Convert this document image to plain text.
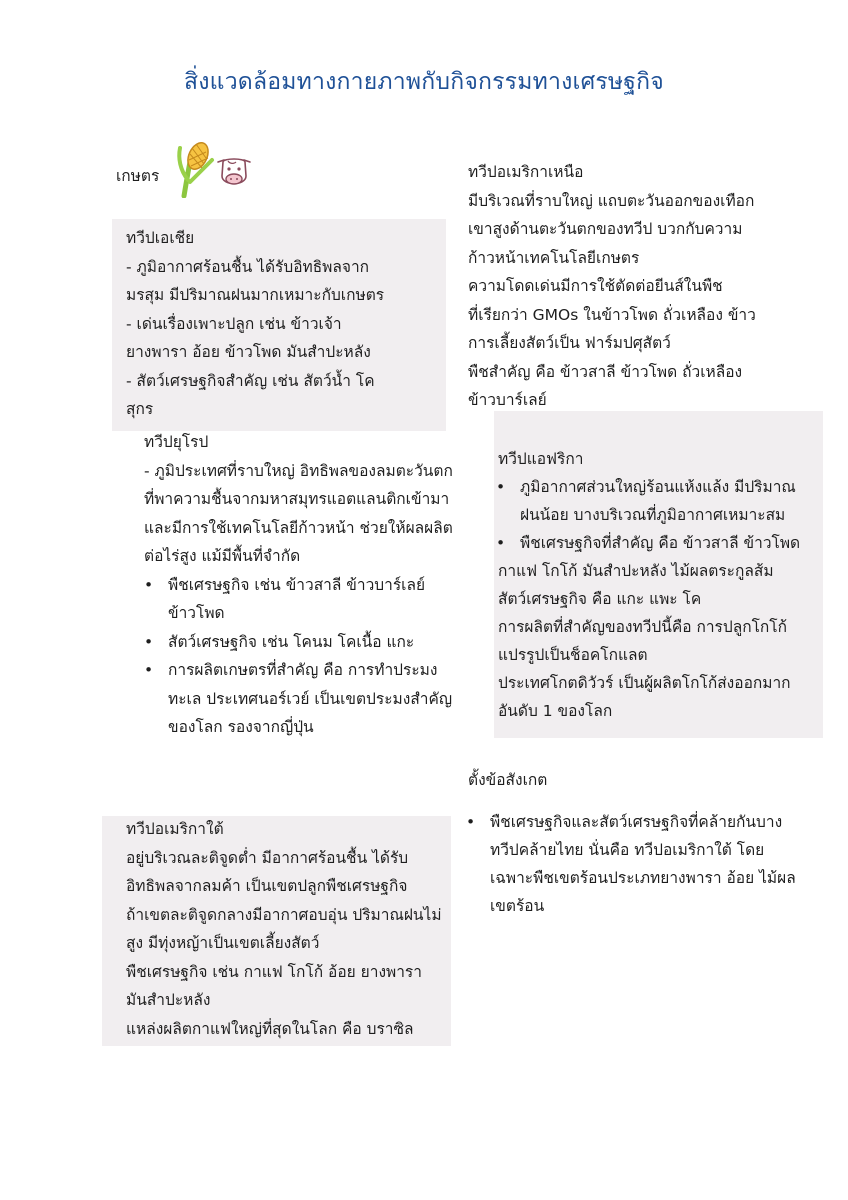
สิ่งแวดล้อมทางกายภาพกับกิจกรรมทางเศรษฐกิจ
เกษตร

ทวีปเอเชีย

- ภูมิอากาศร้อนชื้น ได้รับอิทธิพลจาก

มรสุม มีปริมาณฝนมากเหมาะกับเกษตร

- เด่นเรื่องเพาะปลูก เช่น ข้าวเจ้า

ยางพารา อ้อย ข้าวโพด มันสำปะหลัง

- สัตว์เศรษฐกิจสำคัญ เช่น สัตว์น้ำ โค

สุกร

ทวีปอเมริกาเหนือ

มีบริเวณที่ราบใหญ่ แถบตะวันออกของเทือก

เขาสูงด้านตะวันตกของทวีป บวกกับความ

ก้าวหน้าเทคโนโลยีเกษตร

ความโดดเด่นมีการใช้ตัดต่อยีนส์ในพืช

ที่เรียกว่า GMOs ในข้าวโพด ถั่วเหลือง ข้าว

การเลี้ยงสัตว์เป็น ฟาร์มปศุสัตว์

พืชสำคัญ คือ ข้าวสาลี ข้าวโพด ถั่วเหลือง

ข้าวบาร์เลย์

ทวีปยุโรป

- ภูมิประเทศที่ราบใหญ่ อิทธิพลของลมตะวันตก

ที่พาความชื้นจากมหาสมุทรแอตแลนติกเข้ามา

และมีการใช้เทคโนโลยีก้าวหน้า ช่วยให้ผลผลิต

ต่อไร่สูง แม้มีพื้นที่จำกัด

• พืชเศรษฐกิจ เช่น ข้าวสาลี ข้าวบาร์เลย์
ข้าวโพด
• สัตว์เศรษฐกิจ เช่น โคนม โคเนื้อ แกะ
• การผลิตเกษตรที่สำคัญ คือ การทำประมง
ทะเล ประเทศนอร์เวย์ เป็นเขตประมงสำคัญ
ของโลก รองจากญี่ปุ่น

ทวีปแอฟริกา

• ภูมิอากาศส่วนใหญ่ร้อนแห้งแล้ง มีปริมาณ
ฝนน้อย บางบริเวณที่ภูมิอากาศเหมาะสม
• พืชเศรษฐกิจที่สำคัญ คือ ข้าวสาลี ข้าวโพด

กาแฟ โกโก้ มันสำปะหลัง ไม้ผลตระกูลส้ม

สัตว์เศรษฐกิจ คือ แกะ แพะ โค

การผลิตที่สำคัญของทวีปนี้คือ การปลูกโกโก้

แปรรูปเป็นช็อคโกแลต

ประเทศโกตดิวัวร์ เป็นผู้ผลิตโกโก้ส่งออกมาก

อันดับ 1 ของโลก

ตั้งข้อสังเกต

• พืชเศรษฐกิจและสัตว์เศรษฐกิจที่คล้ายกันบาง
ทวีปคล้ายไทย นั่นคือ ทวีปอเมริกาใต้ โดย
เฉพาะพืชเขตร้อนประเภทยางพารา อ้อย ไม้ผล
เขตร้อน

ทวีปอเมริกาใต้

อยู่บริเวณละติจูดต่ำ มีอากาศร้อนชื้น ได้รับ

อิทธิพลจากลมค้า เป็นเขตปลูกพืชเศรษฐกิจ

ถ้าเขตละติจูดกลางมีอากาศอบอุ่น ปริมาณฝนไม่

สูง มีทุ่งหญ้าเป็นเขตเลี้ยงสัตว์

พืชเศรษฐกิจ เช่น กาแฟ โกโก้ อ้อย ยางพารา

มันสำปะหลัง

แหล่งผลิตกาแฟใหญ่ที่สุดในโลก คือ บราซิล
